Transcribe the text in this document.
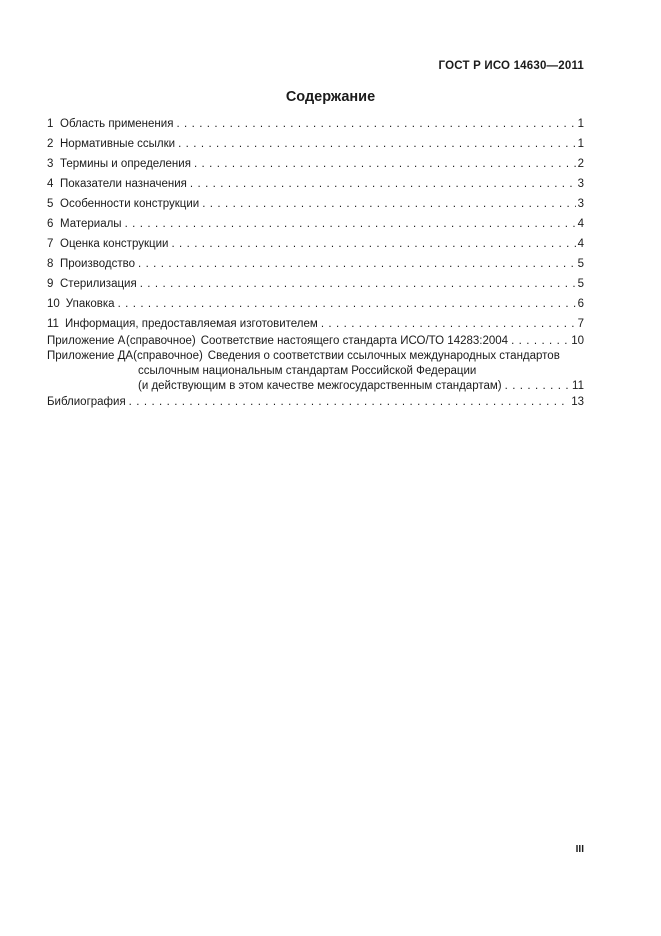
ГОСТ Р ИСО 14630—2011
Содержание
1 Область применения . . .	1
2 Нормативные ссылки . . .	1
3 Термины и определения . . .	2
4 Показатели назначения . . .	3
5 Особенности конструкции . . .	3
6 Материалы . . .	4
7 Оценка конструкции . . .	4
8 Производство . . .	5
9 Стерилизация . . .	5
10 Упаковка . . .	6
11 Информация, предоставляемая изготовителем . . .	7
Приложение А (справочное) Соответствие настоящего стандарта ИСО/ТО 14283:2004 . . .	10
Приложение ДА (справочное) Сведения о соответствии ссылочных международных стандартов
ссылочным национальным стандартам Российской Федерации
(и действующим в этом качестве межгосударственным стандартам) . . .	11
Библиография . . .	13
III
